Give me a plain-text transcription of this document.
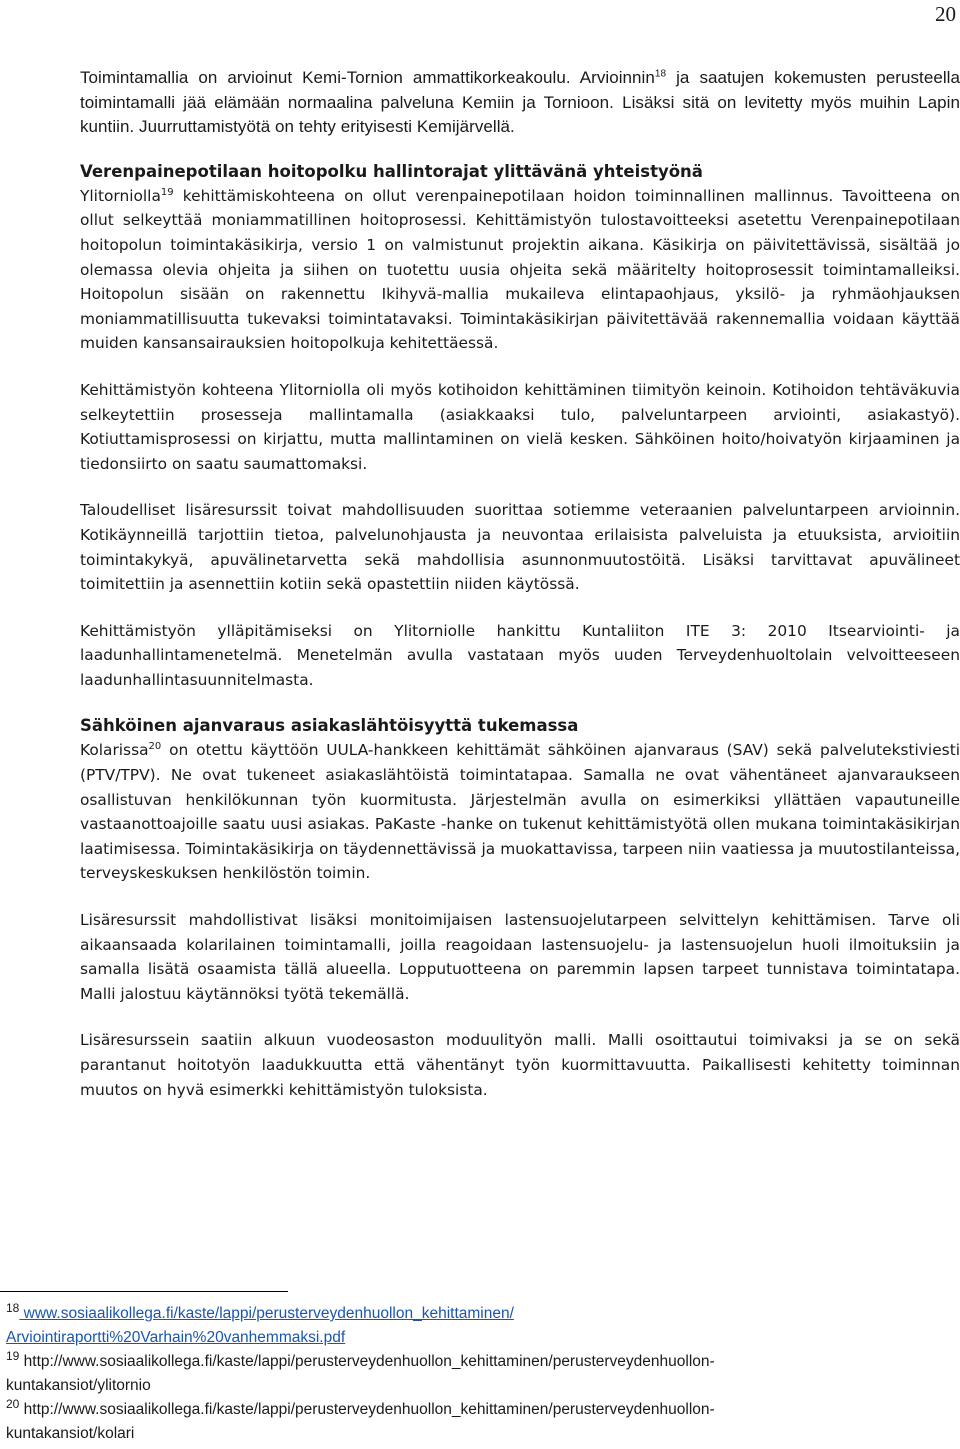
20

Toimintamallia on arvioinut Kemi-Tornion ammattikorkeakoulu. Arvioinnin$^{18}$ ja saatujen kokemusten perusteella toimintamalli jää elämään normaalina palveluna Kemiin ja Tornioon. Lisäksi sitä on levitetty myös muihin Lapin kuntiin. Juurruttamistyötä on tehty erityisesti Kemijärvellä.

Verenpainepotilaan hoitopolku hallintorajat ylittävänä yhteistyönä

Ylitorniolla$^{19}$ kehittämiskohteena on ollut verenpainepotilaan hoidon toiminnallinen mallinnus. Tavoitteena on ollut selkeyttää moniammatillinen hoitoprosessi. Kehittämistyön tulostavoitteeksi asetettu Verenpainepotilaan hoitopolun toimintakäsikirja, versio 1 on valmistunut projektin aikana. Käsikirja on päivitettävissä, sisältää jo olemassa olevia ohjeita ja siihen on tuotettu uusia ohjeita sekä määritelty hoitoprosessit toimintamalleiksi. Hoitopolun sisään on rakennettu Ikihyvä-mallia mukaileva elintapaohjaus, yksilö- ja ryhmäohjauksen moniammatillisuutta tukevaksi toimintatavaksi. Toimintakäsikirjan päivitettävää rakennemallia voidaan käyttää muiden kansansairauksien hoitopolkuja kehitettäessä.

Kehittämistyön kohteena Ylitorniolla oli myös kotihoidon kehittäminen tiimityön keinoin. Kotihoidon tehtäväkuvia selkeytettiin prosesseja mallintamalla (asiakkaaksi tulo, palveluntarpeen arviointi, asiakastyö). Kotiuttamisprosessi on kirjattu, mutta mallintaminen on vielä kesken. Sähköinen hoito/hoivatyön kirjaaminen ja tiedonsiirto on saatu saumattomaksi.

Taloudelliset lisäresurssit toivat mahdollisuuden suorittaa sotiemme veteraanien palveluntarpeen arvioinnin. Kotikäynneillä tarjottiin tietoa, palvelunohjausta ja neuvontaa erilaisista palveluista ja etuuksista, arvioitiin toimintakykyä, apuvälinetarvetta sekä mahdollisia asunnonmuutostöitä. Lisäksi tarvittavat apuvälineet toimitettiin ja asennettiin kotiin sekä opastettiin niiden käytössä.

Kehittämistyön ylläpitämiseksi on Ylitorniolle hankittu Kuntaliiton ITE 3: 2010 Itsearviointi- ja laadunhallintamenetelmä. Menetelmän avulla vastataan myös uuden Terveydenhuoltolain velvoitteeseen laadunhallintasuunnitelmasta.

Sähköinen ajanvaraus asiakaslähtöisyyttä tukemassa

Kolarissa$^{20}$ on otettu käyttöön UULA-hankkeen kehittämät sähköinen ajanvaraus (SAV) sekä palvelutekstiviesti (PTV/TPV). Ne ovat tukeneet asiakaslähtöistä toimintatapaa. Samalla ne ovat vähentäneet ajanvaraukseen osallistuvan henkilökunnan työn kuormitusta. Järjestelmän avulla on esimerkiksi yllättäen vapautuneille vastaanottoajoille saatu uusi asiakas. PaKaste -hanke on tukenut kehittämistyötä ollen mukana toimintakäsikirjan laatimisessa. Toimintakäsikirja on täydennettävissä ja muokattavissa, tarpeen niin vaatiessa ja muutostilanteissa, terveyskeskuksen henkilöstön toimin.

Lisäresurssit mahdollistivat lisäksi monitoimijaisen lastensuojelutarpeen selvittelyn kehittämisen. Tarve oli aikaansaada kolarilainen toimintamalli, joilla reagoidaan lastensuojelu- ja lastensuojelun huoli ilmoituksiin ja samalla lisätä osaamista tällä alueella. Lopputuotteena on paremmin lapsen tarpeet tunnistava toimintatapa. Malli jalostuu käytännöksi työtä tekemällä.

Lisäresurssein saatiin alkuun vuodeosaston moduulityön malli. Malli osoittautui toimivaksi ja se on sekä parantanut hoitotyön laadukkuutta että vähentänyt työn kuormittavuutta. Paikallisesti kehitetty toiminnan muutos on hyvä esimerkki kehittämistyön tuloksista.

$^{18}$ www.sosiaalikollega.fi/kaste/lappi/perusterveydenhuollon_kehittaminen/
Arviointiraportti%20Varhain%20vanhemmaksi.pdf

$^{19}$ http://www.sosiaalikollega.fi/kaste/lappi/perusterveydenhuollon_kehittaminen/perusterveydenhuollon-
kuntakansiot/ylitornio

$^{20}$ http://www.sosiaalikollega.fi/kaste/lappi/perusterveydenhuollon_kehittaminen/perusterveydenhuollon-
kuntakansiot/kolari
